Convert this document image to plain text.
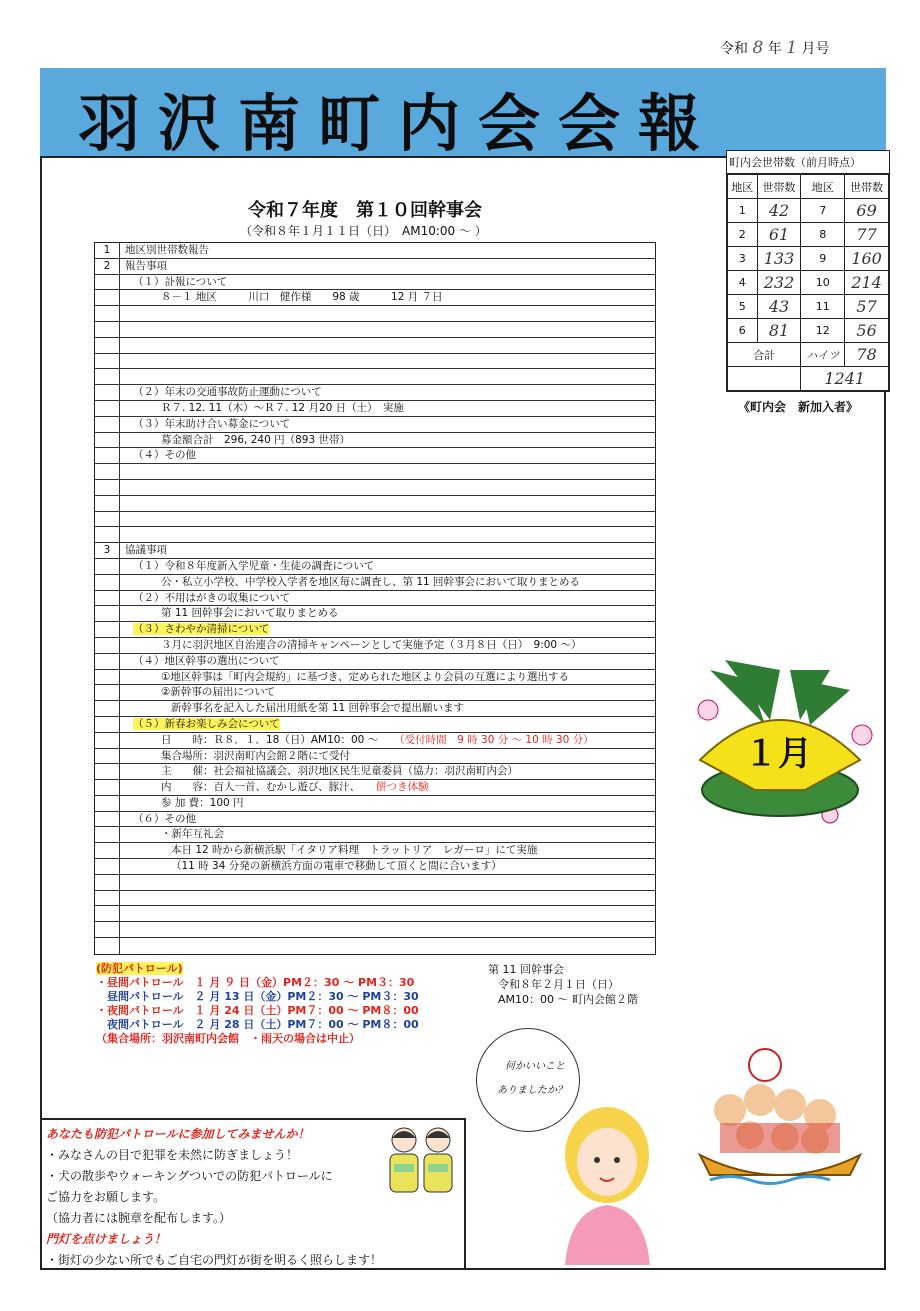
令和 8 年 1 月号
羽沢南町内会会報
町内会世帯数（前月時点）
地区	世帯数	地区	世帯数
1	42	7	69
2	61	8	77
3	133	9	160
4	232	10	214
5	43	11	57
6	81	12	56
合計		ハイツ	78
		1241	
《町内会　新加入者》
令和７年度　第１０回幹事会
（令和８年１月１１日（日）　AM10:00 〜 ）
1	地区別世帯数報告
2	報告事項
（１）訃報について
８－１ 地区　　　川口　健作様　　98 歳　　　12 月 ７日
（２）年末の交通事故防止運動について
Ｒ７. 12. 11（木）～Ｒ７. 12 月20 日（土）　実施
（３）年末助け合い募金について
募金額合計　296, 240 円（893 世帯）
（４）その他
3	協議事項
（１）令和８年度新入学児童・生徒の調査について
公・私立小学校、中学校入学者を地区毎に調査し、第 11 回幹事会において取りまとめる
（２）不用はがきの収集について
第 11 回幹事会において取りまとめる
（３）さわやか清掃について
３月に羽沢地区自治連合の清掃キャンペーンとして実施予定（３月８日（日）　9:00 ～）
（４）地区幹事の選出について
①地区幹事は「町内会規約」に基づき、定められた地区より会員の互選により選出する
②新幹事の届出について
新幹事名を記入した届出用紙を第 11 回幹事会で提出願います
（５）新春お楽しみ会について
日　　時：Ｒ８．１．18（日）AM10：00 ～ （受付時間　9 時 30 分 ～ 10 時 30 分）
集合場所：羽沢南町内会館２階にて受付
主　　催：社会福祉協議会、羽沢地区民生児童委員（協力：羽沢南町内会）
内　　容：百人一首、むかし遊び、豚汁、 餅つき体験
参 加 費：100 円
（６）その他
・新年互礼会
本日 12 時から新横浜駅「イタリア料理　トラットリア　レガーロ」にて実施
（11 時 34 分発の新横浜方面の電車で移動して頂くと間に合います）
(防犯パトロール)
・昼間パトロール　１ 月 ９ 日（金）PM２：30 ～ PM３：30
　昼間パトロール　２ 月 13 日（金）PM２：30 ～ PM３：30
・夜間パトロール　１ 月 24 日（土）PM７：00 ～ PM８：00
　夜間パトロール　２ 月 28 日（土）PM７：00 ～ PM８：00
（集合場所：羽沢南町内会館　・雨天の場合は中止）
第 11 回幹事会
令和８年２月１日（日）
AM10：00 ～ 町内会館２階
１月
何かいいこと
ありましたか？
あなたも防犯パトロールに参加してみませんか！
・みなさんの目で犯罪を未然に防ぎましょう！
・犬の散歩やウォーキングついでの防犯パトロールに
ご協力をお願します。
（協力者には腕章を配布します。）
門灯を点けましょう！
・街灯の少ない所でもご自宅の門灯が街を明るく照らします！
